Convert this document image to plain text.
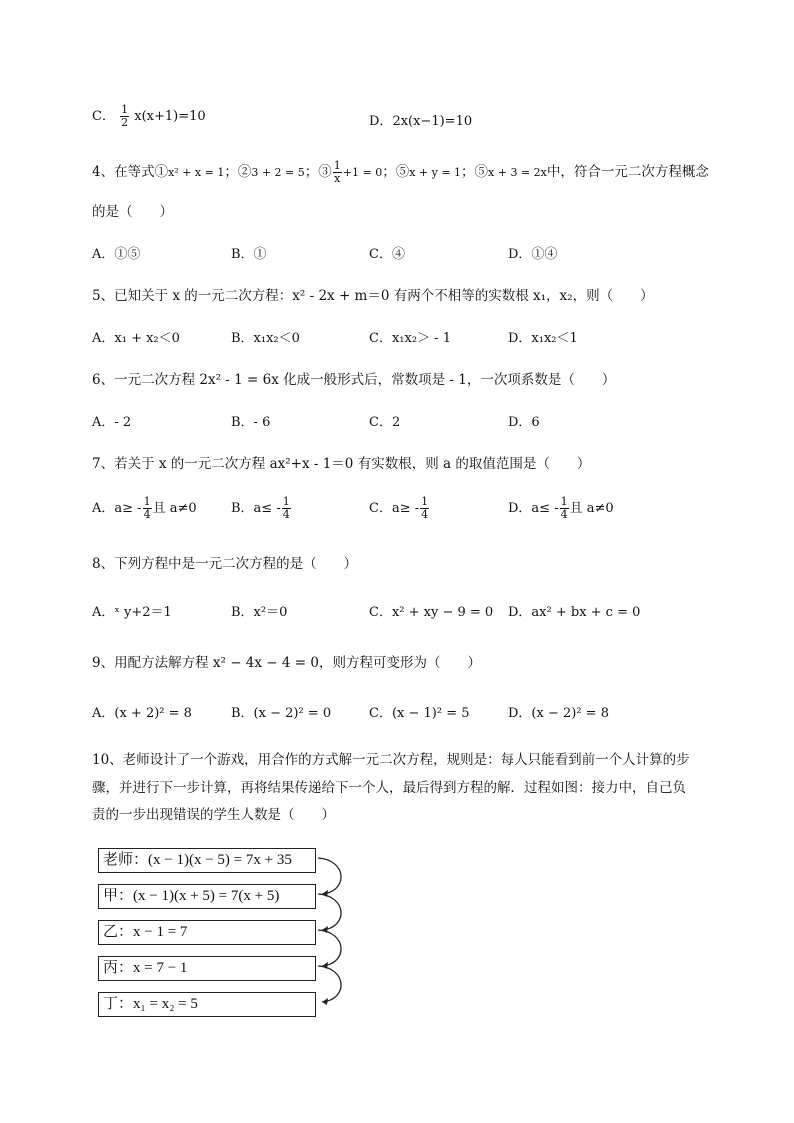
C． $\frac{1}{2} x(x+1)=10$	D．2x(x−1)=10
4、在等式①x² + x = 1；②3 + 2 = 5；③ $\frac{1}{x} +1 = 0$；⑤x + y = 1；⑤x + 3 = 2x中，符合一元二次方程概念
的是（　　）
A．①⑤	B．①	C．④	D．①④
5、已知关于 x 的一元二次方程：x² - 2x + m＝0 有两个不相等的实数根 x₁，x₂，则（　　）
A．x₁ + x₂＜0	B．x₁x₂＜0	C．x₁x₂＞ - 1	D．x₁x₂＜1
6、一元二次方程 2x² - 1 = 6x 化成一般形式后，常数项是 - 1，一次项系数是（　　）
A．- 2	B．- 6	C．2	D．6
7、若关于 x 的一元二次方程 ax²+x - 1＝0 有实数根，则 a 的取值范围是（　　）
A．$a\ge - \frac{1}{4}$ 且 a≠0	B．$a\le - \frac{1}{4}$	C．$a\ge - \frac{1}{4}$	D．$a\le - \frac{1}{4}$ 且 a≠0
8、下列方程中是一元二次方程的是（　　）
A．ˣ y+2＝1	B．x²＝0	C．x² + xy − 9 = 0 D．ax² + bx + c = 0
9、用配方法解方程 x² − 4x − 4 = 0，则方程可变形为（　　）
A．(x + 2)² = 8	B．(x − 2)² = 0	C．(x − 1)² = 5	D．(x − 2)² = 8
10、老师设计了一个游戏，用合作的方式解一元二次方程，规则是：每人只能看到前一个人计算的步
骤，并进行下一步计算，再将结果传递给下一个人，最后得到方程的解．过程如图：接力中，自己负
责的一步出现错误的学生人数是（　　）
老师：(x − 1)(x − 5) = 7x + 35
甲：(x − 1)(x + 5) = 7(x + 5)
乙：x − 1 = 7
丙：x = 7 − 1
丁：x₁ = x₂ = 5
